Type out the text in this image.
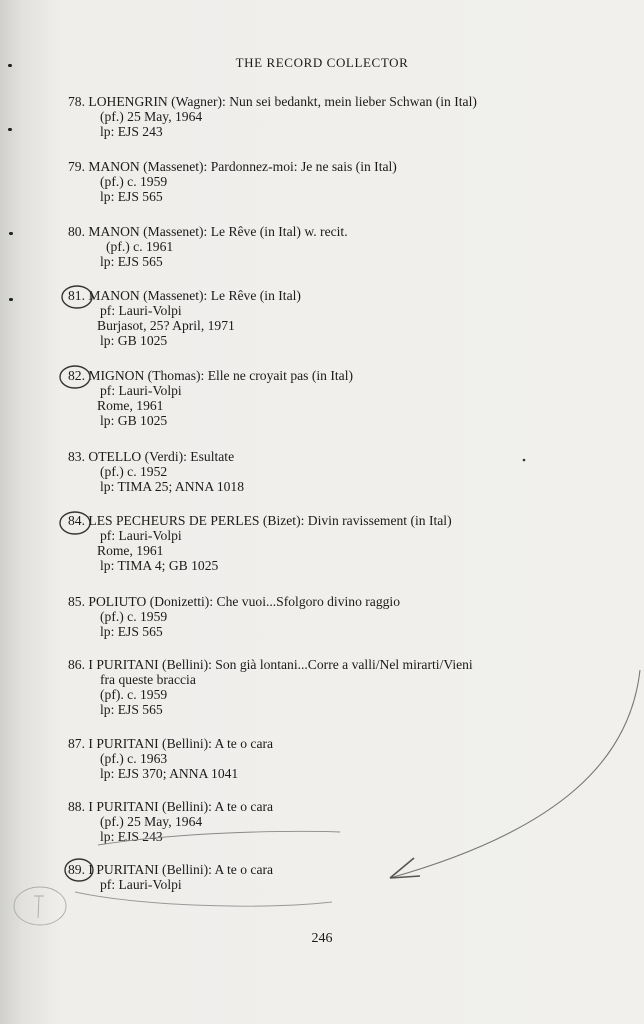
THE RECORD COLLECTOR
78. LOHENGRIN (Wagner): Nun sei bedankt, mein lieber Schwan (in Ital)
(pf.) 25 May, 1964
lp: EJS 243
79. MANON (Massenet): Pardonnez-moi: Je ne sais (in Ital)
(pf.) c. 1959
lp: EJS 565
80. MANON (Massenet): Le Rêve (in Ital) w. recit.
(pf.) c. 1961
lp: EJS 565
81. MANON (Massenet): Le Rêve (in Ital)
pf: Lauri-Volpi
Burjasot, 25? April, 1971
lp: GB 1025
82. MIGNON (Thomas): Elle ne croyait pas (in Ital)
pf: Lauri-Volpi
Rome, 1961
lp: GB 1025
83. OTELLO (Verdi): Esultate
(pf.) c. 1952
lp: TIMA 25; ANNA 1018
84. LES PECHEURS DE PERLES (Bizet): Divin ravissement (in Ital)
pf: Lauri-Volpi
Rome, 1961
lp: TIMA 4; GB 1025
85. POLIUTO (Donizetti): Che vuoi...Sfolgoro divino raggio
(pf.) c. 1959
lp: EJS 565
86. I PURITANI (Bellini): Son già lontani...Corre a valli/Nel mirarti/Vieni
fra queste braccia
(pf). c. 1959
lp: EJS 565
87. I PURITANI (Bellini): A te o cara
(pf.) c. 1963
lp: EJS 370; ANNA 1041
88. I PURITANI (Bellini): A te o cara
(pf.) 25 May, 1964
lp: EJS 243
89. I PURITANI (Bellini): A te o cara
pf: Lauri-Volpi
246
